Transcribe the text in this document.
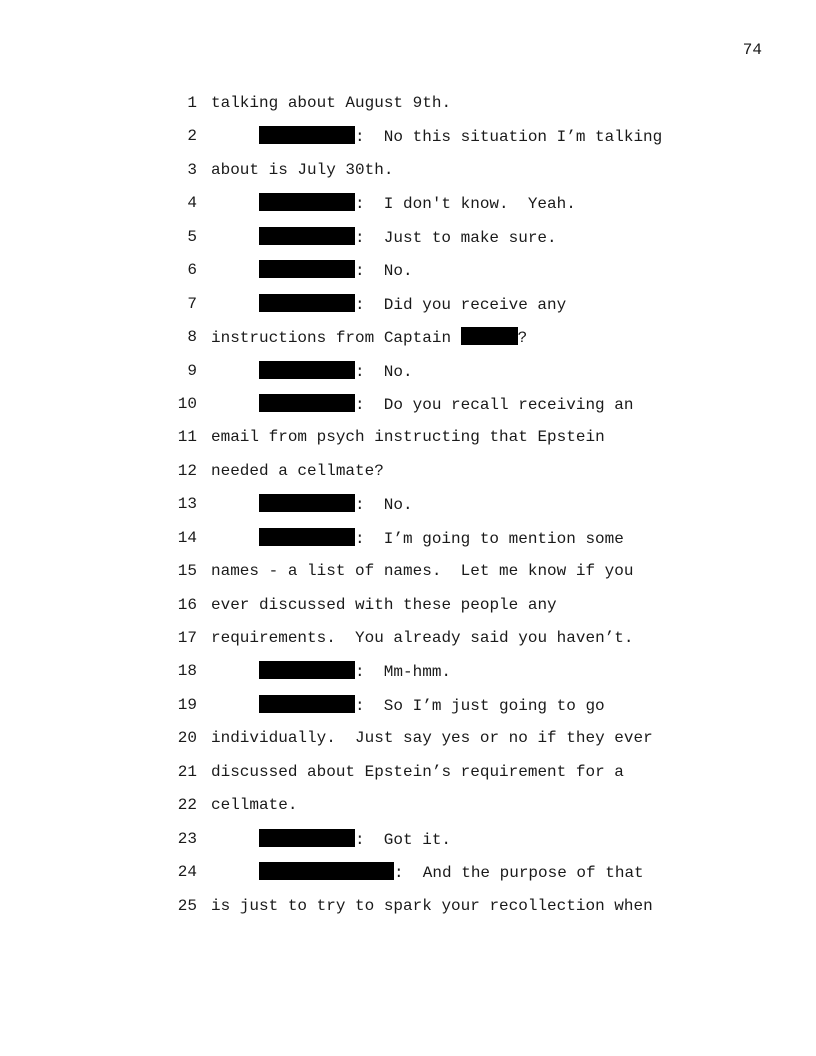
74
1 talking about August 9th.
2	:  No this situation I’m talking
3 about is July 30th.
4	:  I don't know.  Yeah.
5	:  Just to make sure.
6	:  No.
7	:  Did you receive any
8 instructions from Captain	?
9	:  No.
10	:  Do you recall receiving an
11 email from psych instructing that Epstein
12 needed a cellmate?
13	:  No.
14	:  I’m going to mention some
15 names - a list of names.  Let me know if you
16 ever discussed with these people any
17 requirements.  You already said you haven’t.
18	:  Mm-hmm.
19	:  So I’m just going to go
20 individually.  Just say yes or no if they ever
21 discussed about Epstein’s requirement for a
22 cellmate.
23	:  Got it.
24	:  And the purpose of that
25 is just to try to spark your recollection when
